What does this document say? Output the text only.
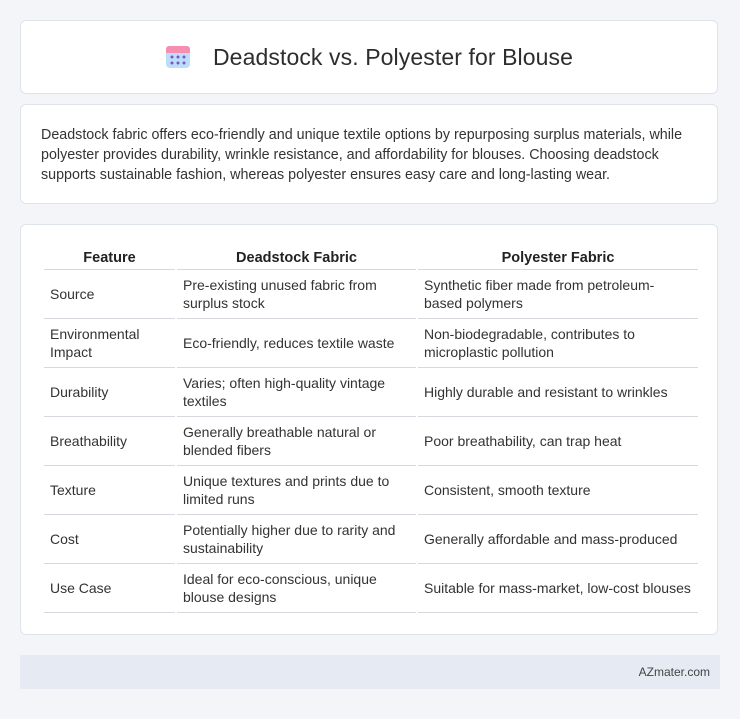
Deadstock vs. Polyester for Blouse

Deadstock fabric offers eco-friendly and unique textile options by repurposing surplus materials, while polyester provides durability, wrinkle resistance, and affordability for blouses. Choosing deadstock supports sustainable fashion, whereas polyester ensures easy care and long-lasting wear.

Feature	Deadstock Fabric	Polyester Fabric
Source	Pre-existing unused fabric from surplus stock	Synthetic fiber made from petroleum-based polymers
Environmental Impact	Eco-friendly, reduces textile waste	Non-biodegradable, contributes to microplastic pollution
Durability	Varies; often high-quality vintage textiles	Highly durable and resistant to wrinkles
Breathability	Generally breathable natural or blended fibers	Poor breathability, can trap heat
Texture	Unique textures and prints due to limited runs	Consistent, smooth texture
Cost	Potentially higher due to rarity and sustainability	Generally affordable and mass-produced
Use Case	Ideal for eco-conscious, unique blouse designs	Suitable for mass-market, low-cost blouses
AZmater.com
